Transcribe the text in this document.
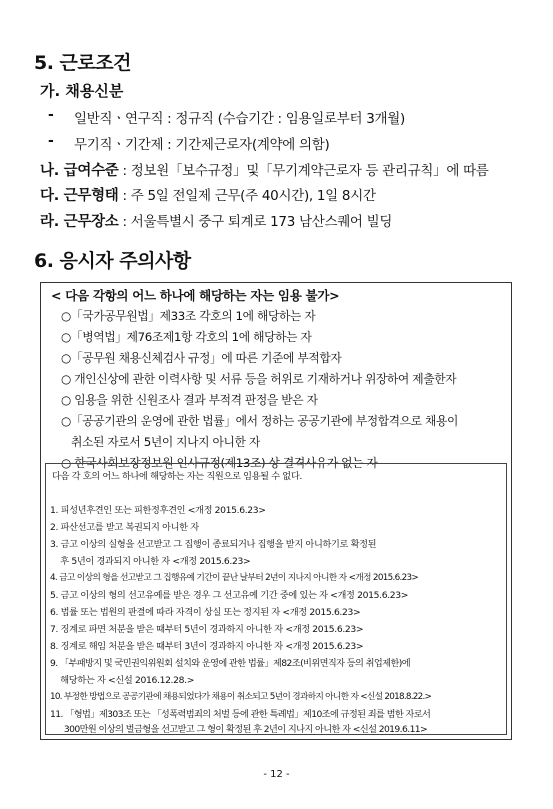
5. 근로조건
가. 채용신분
- 일반직ㆍ연구직 : 정규직 (수습기간 : 임용일로부터 3개월)
- 무기직ㆍ기간제 : 기간제근로자(계약에 의함)
나. 급여수준 : 정보원「보수규정」및「무기계약근로자 등 관리규칙」에 따름
다. 근무형태 : 주 5일 전일제 근무(주 40시간), 1일 8시간
라. 근무장소 : 서울특별시 중구 퇴계로 173 남산스퀘어 빌딩
6. 응시자 주의사항
< 다음 각항의 어느 하나에 해당하는 자는 임용 불가>
○「국가공무원법」제33조 각호의 1에 해당하는 자
○「병역법」제76조제1항 각호의 1에 해당하는 자
○「공무원 채용신체검사 규정」에 따른 기준에 부적합자
○ 개인신상에 관한 이력사항 및 서류 등을 허위로 기재하거나 위장하여 제출한자
○ 임용을 위한 신원조사 결과 부적격 판정을 받은 자
○「공공기관의 운영에 관한 법률」에서 정하는 공공기관에 부정합격으로 채용이
취소된 자로서 5년이 지나지 아니한 자
○ 한국사회보장정보원 인사규정(제13조) 상 결격사유가 없는 자
다음 각 호의 어느 하나에 해당하는 자는 직원으로 임용될 수 없다.
1. 피성년후견인 또는 피한정후견인 <개정 2015.6.23>
2. 파산선고를 받고 복권되지 아니한 자
3. 금고 이상의 실형을 선고받고 그 집행이 종료되거나 집행을 받지 아니하기로 확정된
후 5년이 경과되지 아니한 자 <개정 2015.6.23>
4. 금고 이상의 형을 선고받고 그 집행유예 기간이 끝난 날부터 2년이 지나지 아니한 자 <개정 2015.6.23>
5. 금고 이상의 형의 선고유예를 받은 경우 그 선고유예 기간 중에 있는 자 <개정 2015.6.23>
6. 법률 또는 법원의 판결에 따라 자격이 상실 또는 정지된 자 <개정 2015.6.23>
7. 징계로 파면 처분을 받은 때부터 5년이 경과하지 아니한 자 <개정 2015.6.23>
8. 징계로 해임 처분을 받은 때부터 3년이 경과하지 아니한 자 <개정 2015.6.23>
9. 「부패방지 및 국민권익위원회 설치와 운영에 관한 법률」제82조(비위면직자 등의 취업제한)에
해당하는 자 <신설 2016.12.28.>
10. 부정한 방법으로 공공기관에 채용되었다가 채용이 취소되고 5년이 경과하지 아니한 자 <신설 2018.8.22.>
11. 「형법」제303조 또는 「성폭력범죄의 처벌 등에 관한 특례법」제10조에 규정된 죄를 범한 자로서
300만원 이상의 벌금형을 선고받고 그 형이 확정된 후 2년이 지나지 아니한 자 <신설 2019.6.11>
- 12 -
